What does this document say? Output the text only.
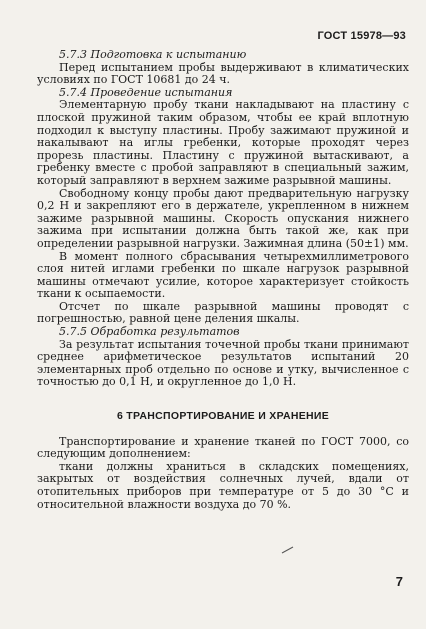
ГОСТ 15978—93

5.7.3 Подготовка к испытанию

Перед испытанием пробы выдерживают в климатических условиях по ГОСТ 10681 до 24 ч.

5.7.4 Проведение испытания

Элементарную пробу ткани накладывают на пластину с плоской пружиной таким образом, чтобы ее край вплотную подходил к выступу пластины. Пробу зажимают пружиной и накалывают на иглы гребенки, которые проходят через прорезь пластины. Пластину с пружиной вытаскивают, а гребенку вместе с пробой заправляют в специальный зажим, который заправляют в верхнем зажиме разрывной машины.

Свободному концу пробы дают предварительную нагрузку 0,2 Н и закрепляют его в держателе, укрепленном в нижнем зажиме разрывной машины. Скорость опускания нижнего зажима при испытании должна быть такой же, как при определении разрывной нагрузки. Зажимная длина (50±1) мм.

В момент полного сбрасывания четырехмиллиметрового слоя нитей иглами гребенки по шкале нагрузок разрывной машины отмечают усилие, которое характеризует стойкость ткани к осыпаемости.

Отсчет по шкале разрывной машины проводят с погрешностью, равной цене деления шкалы.

5.7.5 Обработка результатов

За результат испытания точечной пробы ткани принимают среднее арифметическое результатов испытаний 20 элементарных проб отдельно по основе и утку, вычисленное с точностью до 0,1 Н, и округленное до 1,0 Н.

6 ТРАНСПОРТИРОВАНИЕ И ХРАНЕНИЕ

Транспортирование и хранение тканей по ГОСТ 7000, со следующим дополнением:

ткани должны храниться в складских помещениях, закрытых от воздействия солнечных лучей, вдали от отопительных приборов при температуре от 5 до 30 °С и относительной влажности воздуха до 70 %.

7
